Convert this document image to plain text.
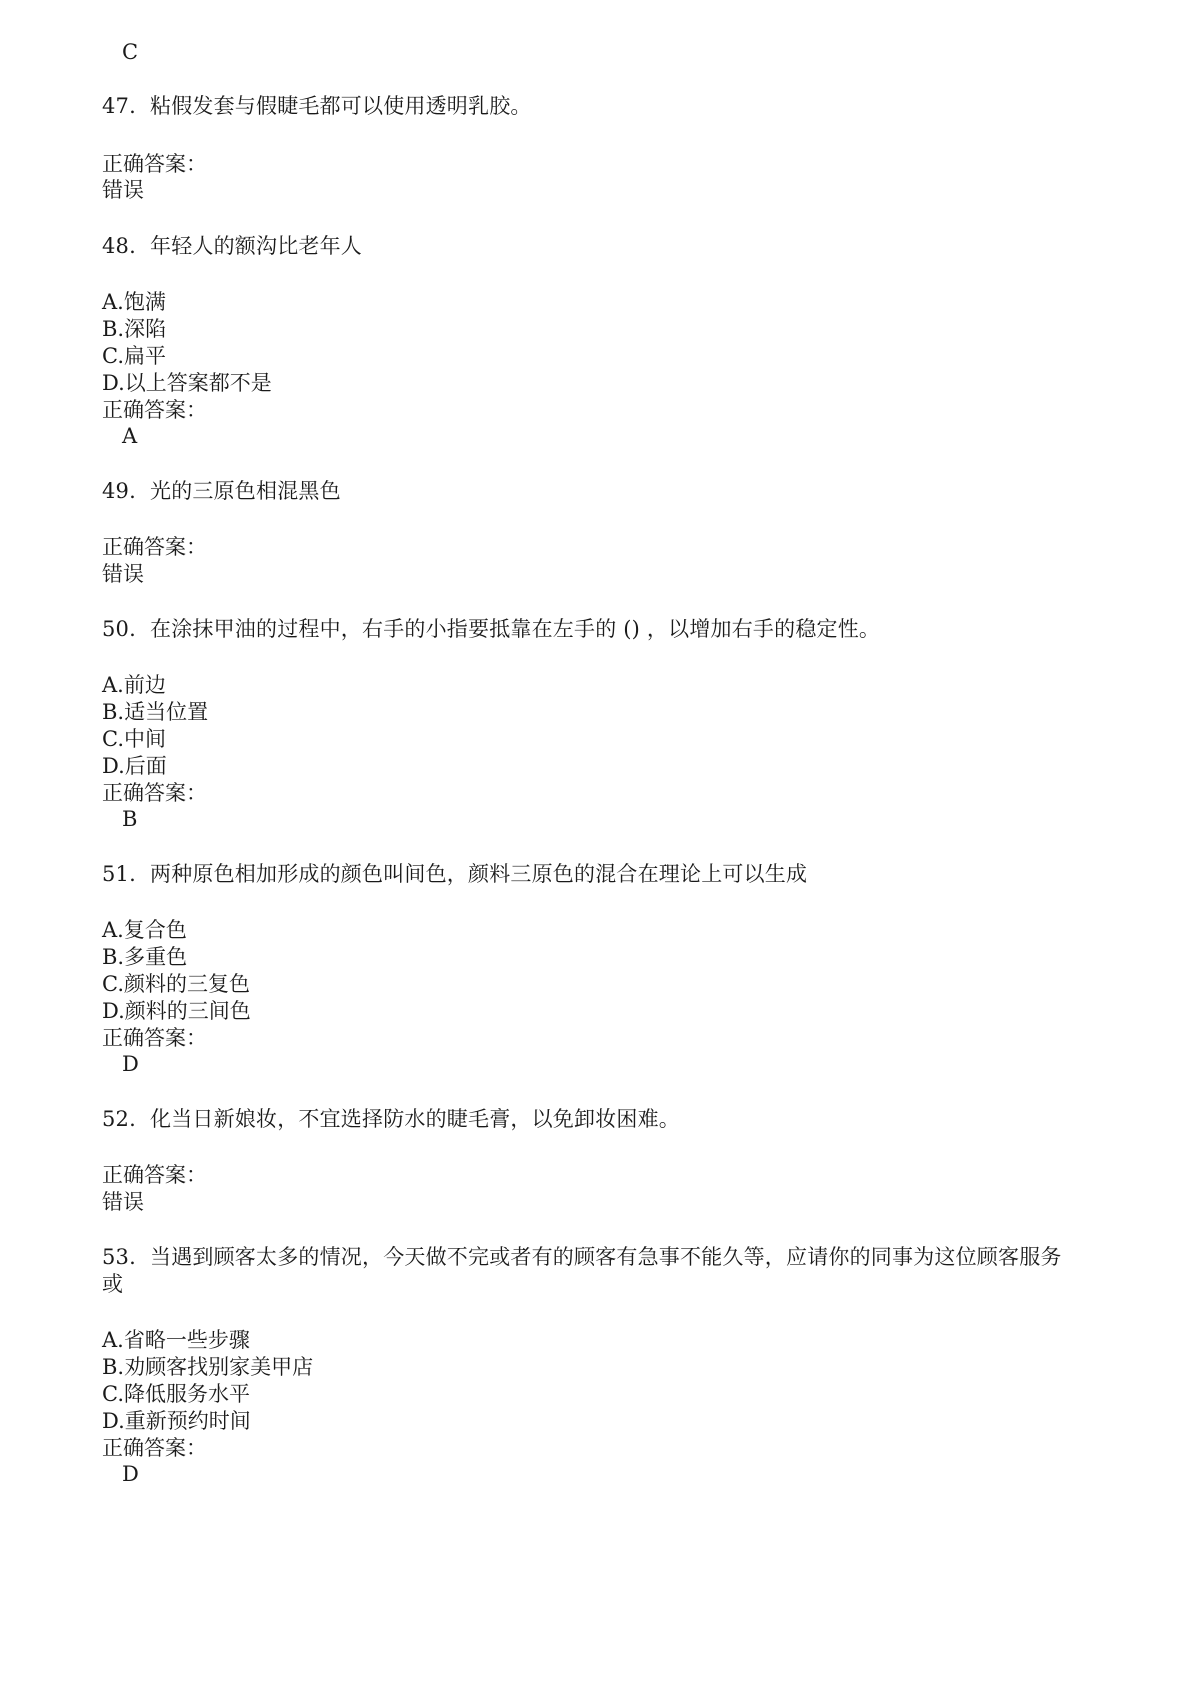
C
47. 粘假发套与假睫毛都可以使用透明乳胶。
正确答案：
错误
48. 年轻人的额沟比老年人
A.饱满
B.深陷
C.扁平
D.以上答案都不是
正确答案：
A
49. 光的三原色相混黑色
正确答案：
错误
50. 在涂抹甲油的过程中，右手的小指要抵靠在左手的 () ，以增加右手的稳定性。
A.前边
B.适当位置
C.中间
D.后面
正确答案：
B
51. 两种原色相加形成的颜色叫间色，颜料三原色的混合在理论上可以生成
A.复合色
B.多重色
C.颜料的三复色
D.颜料的三间色
正确答案：
D
52. 化当日新娘妆，不宜选择防水的睫毛膏，以免卸妆困难。
正确答案：
错误
53. 当遇到顾客太多的情况，今天做不完或者有的顾客有急事不能久等，应请你的同事为这位顾客服务
或
A.省略一些步骤
B.劝顾客找别家美甲店
C.降低服务水平
D.重新预约时间
正确答案：
D
